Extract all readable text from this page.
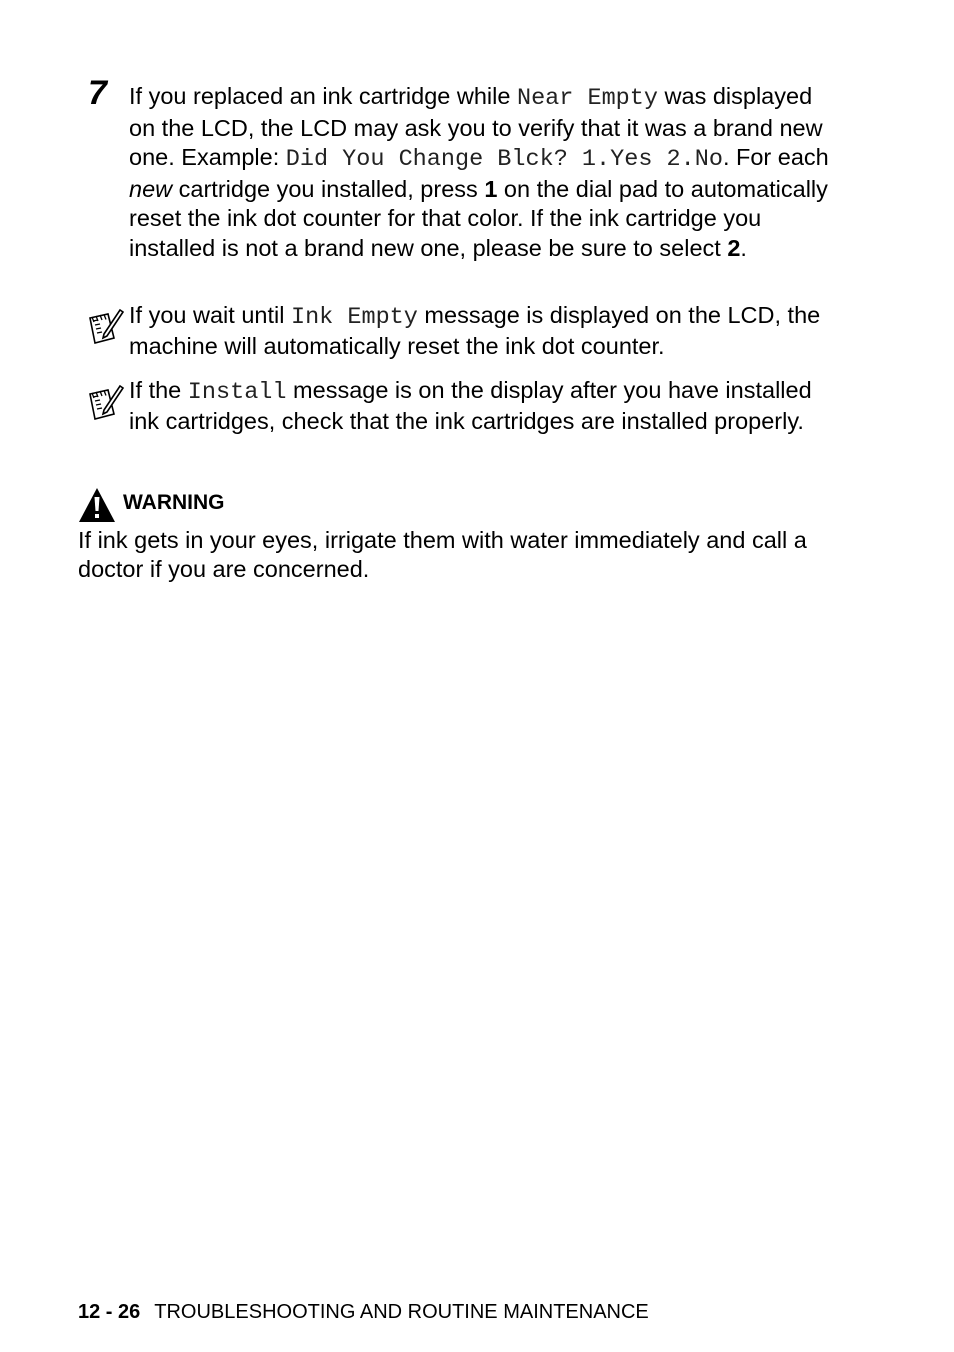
7 If you replaced an ink cartridge while Near Empty was displayed on the LCD, the LCD may ask you to verify that it was a brand new one. Example: Did You Change Blck? 1.Yes 2.No. For each new cartridge you installed, press 1 on the dial pad to automatically reset the ink dot counter for that color. If the ink cartridge you installed is not a brand new one, please be sure to select 2.
If you wait until Ink Empty message is displayed on the LCD, the machine will automatically reset the ink dot counter.
If the Install message is on the display after you have installed ink cartridges, check that the ink cartridges are installed properly.
WARNING
If ink gets in your eyes, irrigate them with water immediately and call a doctor if you are concerned.
12 - 26 TROUBLESHOOTING AND ROUTINE MAINTENANCE
